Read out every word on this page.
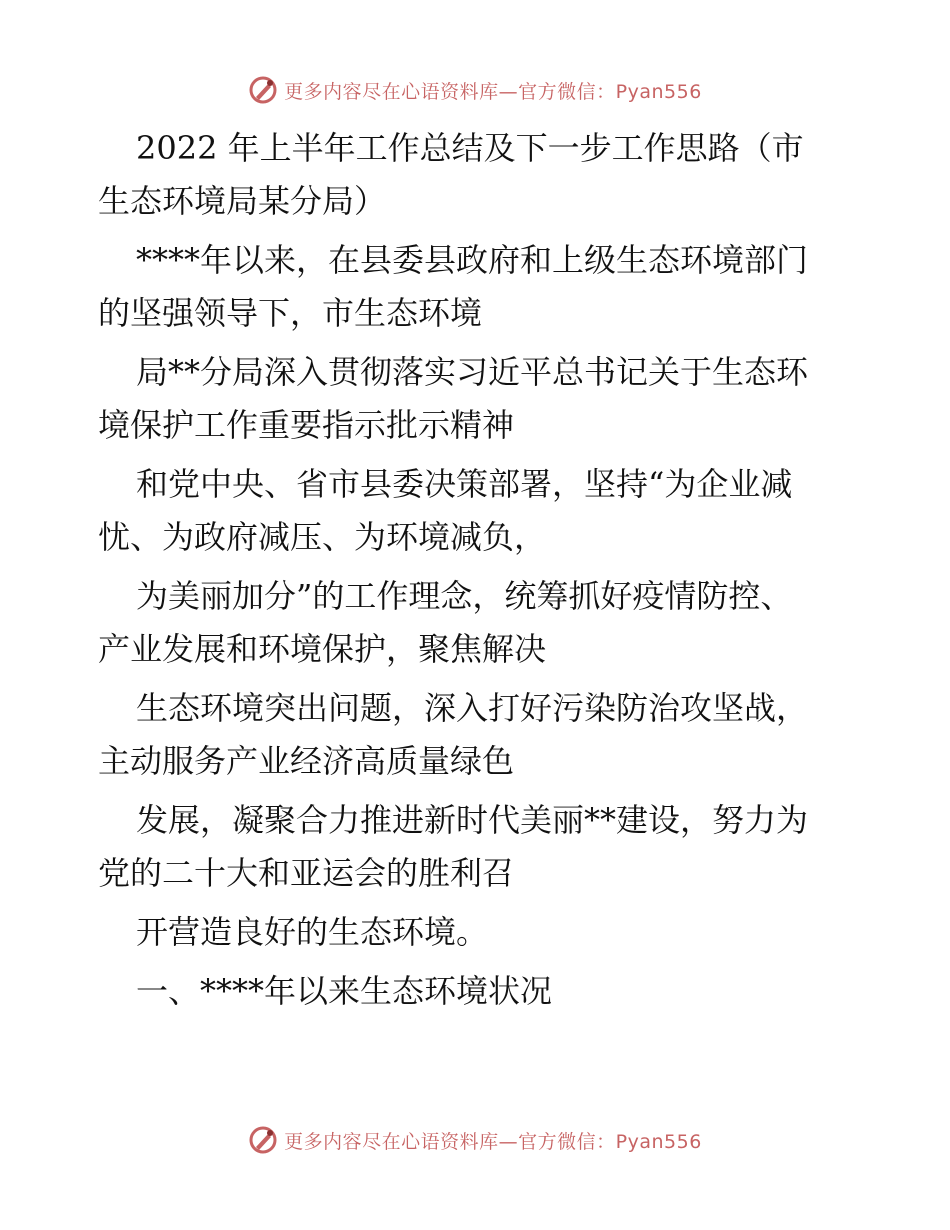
更多内容尽在心语资料库—官方微信：Pyan556
2022 年上半年工作总结及下一步工作思路（市
生态环境局某分局）
****年以来，在县委县政府和上级生态环境部门
的坚强领导下，市生态环境
局**分局深入贯彻落实习近平总书记关于生态环
境保护工作重要指示批示精神
和党中央、省市县委决策部署，坚持“为企业减
忧、为政府减压、为环境减负，
为美丽加分”的工作理念，统筹抓好疫情防控、
产业发展和环境保护，聚焦解决
生态环境突出问题，深入打好污染防治攻坚战，
主动服务产业经济高质量绿色
发展，凝聚合力推进新时代美丽**建设，努力为
党的二十大和亚运会的胜利召
开营造良好的生态环境。
一、****年以来生态环境状况
更多内容尽在心语资料库—官方微信：Pyan556
